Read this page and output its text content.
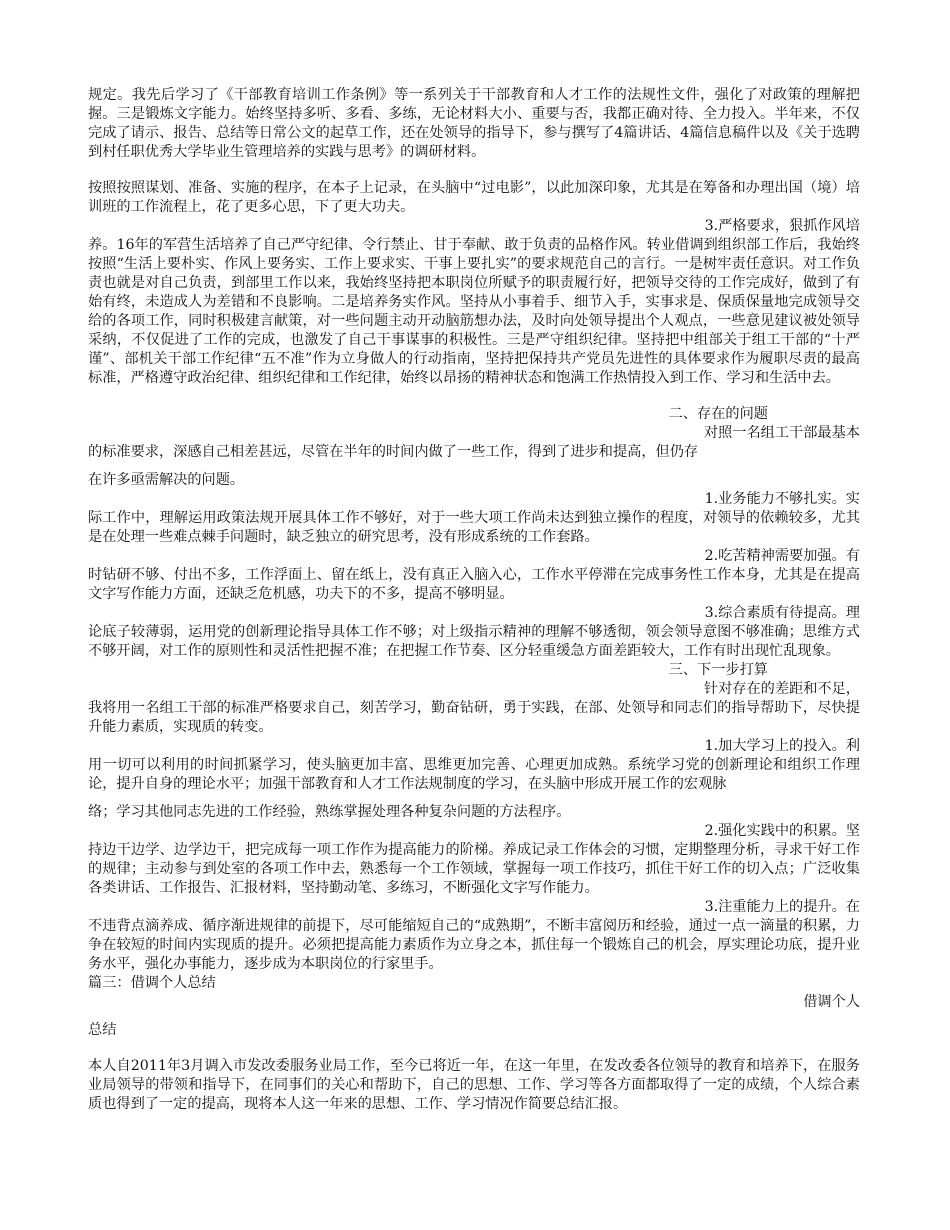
规定。我先后学习了《干部教育培训工作条例》等一系列关于干部教育和人才工作的法规性文件，强化了对政策的理解把握。三是锻炼文字能力。始终坚持多听、多看、多练，无论材料大小、重要与否，我都正确对待、全力投入。半年来，不仅完成了请示、报告、总结等日常公文的起草工作，还在处领导的指导下，参与撰写了4篇讲话、4篇信息稿件以及《关于选聘到村任职优秀大学毕业生管理培养的实践与思考》的调研材料。

按照按照谋划、准备、实施的程序，在本子上记录，在头脑中“过电影”，以此加深印象，尤其是在筹备和办理出国（境）培训班的工作流程上，花了更多心思，下了更大功夫。

3.严格要求，狠抓作风培

养。16年的军营生活培养了自己严守纪律、令行禁止、甘于奉献、敢于负责的品格作风。转业借调到组织部工作后，我始终按照“生活上要朴实、作风上要务实、工作上要求实、干事上要扎实”的要求规范自己的言行。一是树牢责任意识。对工作负责也就是对自己负责，到部里工作以来，我始终坚持把本职岗位所赋予的职责履行好，把领导交待的工作完成好，做到了有始有终，未造成人为差错和不良影响。二是培养务实作风。坚持从小事着手、细节入手，实事求是、保质保量地完成领导交给的各项工作，同时积极建言献策，对一些问题主动开动脑筋想办法，及时向处领导提出个人观点，一些意见建议被处领导采纳，不仅促进了工作的完成，也激发了自己干事谋事的积极性。三是严守组织纪律。坚持把中组部关于组工干部的“十严谨”、部机关干部工作纪律“五不准”作为立身做人的行动指南，坚持把保持共产党员先进性的具体要求作为履职尽责的最高标准，严格遵守政治纪律、组织纪律和工作纪律，始终以昂扬的精神状态和饱满工作热情投入到工作、学习和生活中去。

二、存在的问题

对照一名组工干部最基本

的标准要求，深感自己相差甚远，尽管在半年的时间内做了一些工作，得到了进步和提高，但仍存

在许多亟需解决的问题。

1.业务能力不够扎实。实

际工作中，理解运用政策法规开展具体工作不够好，对于一些大项工作尚未达到独立操作的程度，对领导的依赖较多，尤其是在处理一些难点棘手问题时，缺乏独立的研究思考，没有形成系统的工作套路。

2.吃苦精神需要加强。有

时钻研不够、付出不多，工作浮面上、留在纸上，没有真正入脑入心，工作水平停滞在完成事务性工作本身，尤其是在提高文字写作能力方面，还缺乏危机感，功夫下的不多，提高不够明显。

3.综合素质有待提高。理

论底子较薄弱，运用党的创新理论指导具体工作不够；对上级指示精神的理解不够透彻，领会领导意图不够准确；思维方式不够开阔，对工作的原则性和灵活性把握不准；在把握工作节奏、区分轻重缓急方面差距较大，工作有时出现忙乱现象。

三、下一步打算

针对存在的差距和不足，

我将用一名组工干部的标准严格要求自己，刻苦学习，勤奋钻研，勇于实践，在部、处领导和同志们的指导帮助下，尽快提升能力素质，实现质的转变。

1.加大学习上的投入。利

用一切可以利用的时间抓紧学习，使头脑更加丰富、思维更加完善、心理更加成熟。系统学习党的创新理论和组织工作理论，提升自身的理论水平；加强干部教育和人才工作法规制度的学习，在头脑中形成开展工作的宏观脉

络；学习其他同志先进的工作经验，熟练掌握处理各种复杂问题的方法程序。

2.强化实践中的积累。坚

持边干边学、边学边干，把完成每一项工作作为提高能力的阶梯。养成记录工作体会的习惯，定期整理分析，寻求干好工作的规律；主动参与到处室的各项工作中去，熟悉每一个工作领域，掌握每一项工作技巧，抓住干好工作的切入点；广泛收集各类讲话、工作报告、汇报材料，坚持勤动笔、多练习，不断强化文字写作能力。

3.注重能力上的提升。在

不违背点滴养成、循序渐进规律的前提下，尽可能缩短自己的“成熟期”，不断丰富阅历和经验，通过一点一滴量的积累，力争在较短的时间内实现质的提升。必须把提高能力素质作为立身之本，抓住每一个锻炼自己的机会，厚实理论功底，提升业务水平，强化办事能力，逐步成为本职岗位的行家里手。

篇三：借调个人总结

借调个人

总结

本人自2011年3月调入市发改委服务业局工作，至今已将近一年，在这一年里，在发改委各位领导的教育和培养下，在服务业局领导的带领和指导下，在同事们的关心和帮助下，自己的思想、工作、学习等各方面都取得了一定的成绩，个人综合素质也得到了一定的提高，现将本人这一年来的思想、工作、学习情况作简要总结汇报。
